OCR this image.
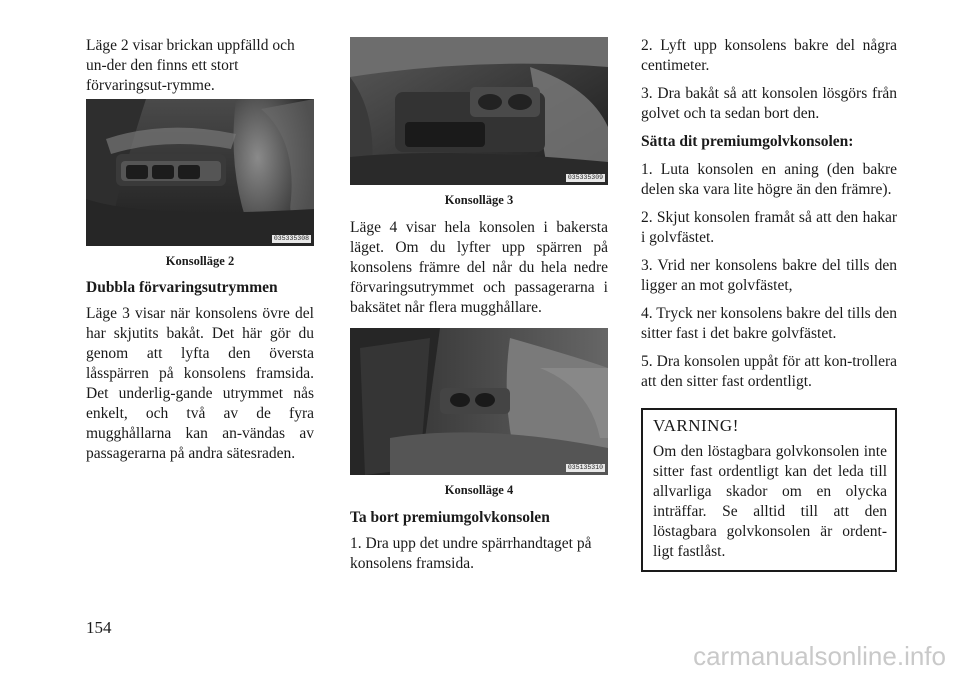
Läge 2 visar brickan uppfälld och un-der den finns ett stort förvaringsut-rymme.

035335308

Konsolläge 2

Dubbla förvaringsutrymmen

Läge 3 visar när konsolens övre del har skjutits bakåt. Det här gör du genom att lyfta den översta låsspärren på konsolens framsida. Det underlig-gande utrymmet nås enkelt, och två av de fyra mugghållarna kan an-vändas av passagerarna på andra sätesraden.

035335309

Konsolläge 3

Läge 4 visar hela konsolen i bakersta läget. Om du lyfter upp spärren på konsolens främre del når du hela nedre förvaringsutrymmet och passagerarna i baksätet når flera mugghållare.

035135310

Konsolläge 4

Ta bort premiumgolvkonsolen

1. Dra upp det undre spärrhandtaget på konsolens framsida.

2. Lyft upp konsolens bakre del några centimeter.

3. Dra bakåt så att konsolen lösgörs från golvet och ta sedan bort den.

Sätta dit premiumgolvkonsolen:

1. Luta konsolen en aning (den bakre delen ska vara lite högre än den främre).

2. Skjut konsolen framåt så att den hakar i golvfästet.

3. Vrid ner konsolens bakre del tills den ligger an mot golvfästet,

4. Tryck ner konsolens bakre del tills den sitter fast i det bakre golvfästet.

5. Dra konsolen uppåt för att kon-trollera att den sitter fast ordentligt.

VARNING!

Om den löstagbara golvkonsolen inte sitter fast ordentligt kan det leda till allvarliga skador om en olycka inträffar. Se alltid till att den löstagbara golvkonsolen är ordent-ligt fastlåst.

154
carmanualsonline.info
